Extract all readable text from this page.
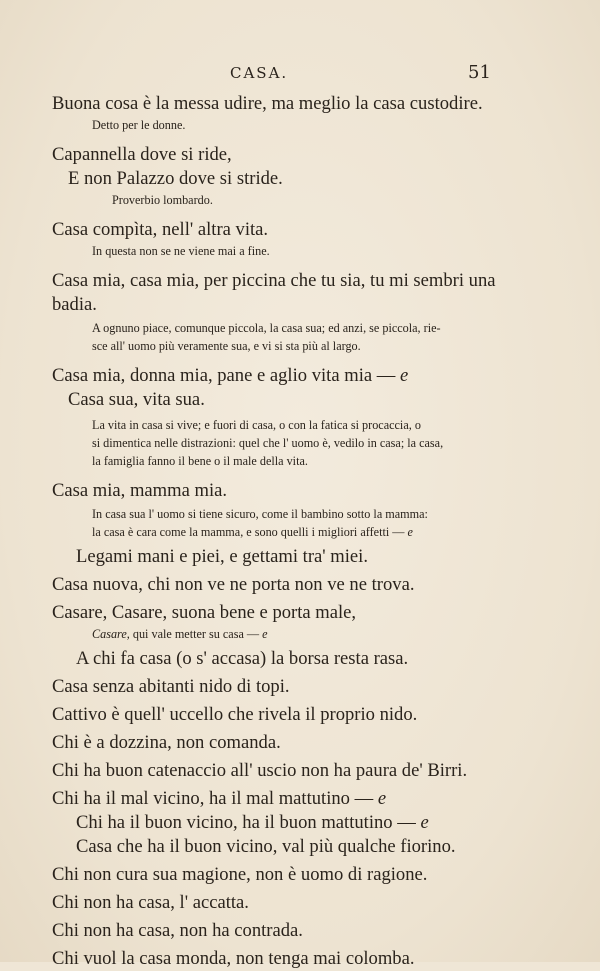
CASA.	51

Buona cosa è la messa udire, ma meglio la casa custodire.

Detto per le donne.

Capannella dove si ride,

E non Palazzo dove si stride.

Proverbio lombardo.

Casa compìta, nell' altra vita.

In questa non se ne viene mai a fine.

Casa mia, casa mia, per piccina che tu sia, tu mi sembri una

badia.

A ognuno piace, comunque piccola, la casa sua; ed anzi, se piccola, rie-

sce all' uomo più veramente sua, e vi si sta più al largo.

Casa mia, donna mia, pane e aglio vita mia — e

Casa sua, vita sua.

La vita in casa si vive; e fuori di casa, o con la fatica si procaccia, o

si dimentica nelle distrazioni: quel che l' uomo è, vedilo in casa; la casa,

la famiglia fanno il bene o il male della vita.

Casa mia, mamma mia.

In casa sua l' uomo si tiene sicuro, come il bambino sotto la mamma:

la casa è cara come la mamma, e sono quelli i migliori affetti — e

Legami mani e piei, e gettami tra' miei.

Casa nuova, chi non ve ne porta non ve ne trova.

Casare, Casare, suona bene e porta male,

Casare, qui vale metter su casa — e

A chi fa casa (o s' accasa) la borsa resta rasa.

Casa senza abitanti nido di topi.

Cattivo è quell' uccello che rivela il proprio nido.

Chi è a dozzina, non comanda.

Chi ha buon catenaccio all' uscio non ha paura de' Birri.

Chi ha il mal vicino, ha il mal mattutino — e

Chi ha il buon vicino, ha il buon mattutino — e

Casa che ha il buon vicino, val più qualche fiorino.

Chi non cura sua magione, non è uomo di ragione.

Chi non ha casa, l' accatta.

Chi non ha casa, non ha contrada.

Chi vuol la casa monda, non tenga mai colomba.
